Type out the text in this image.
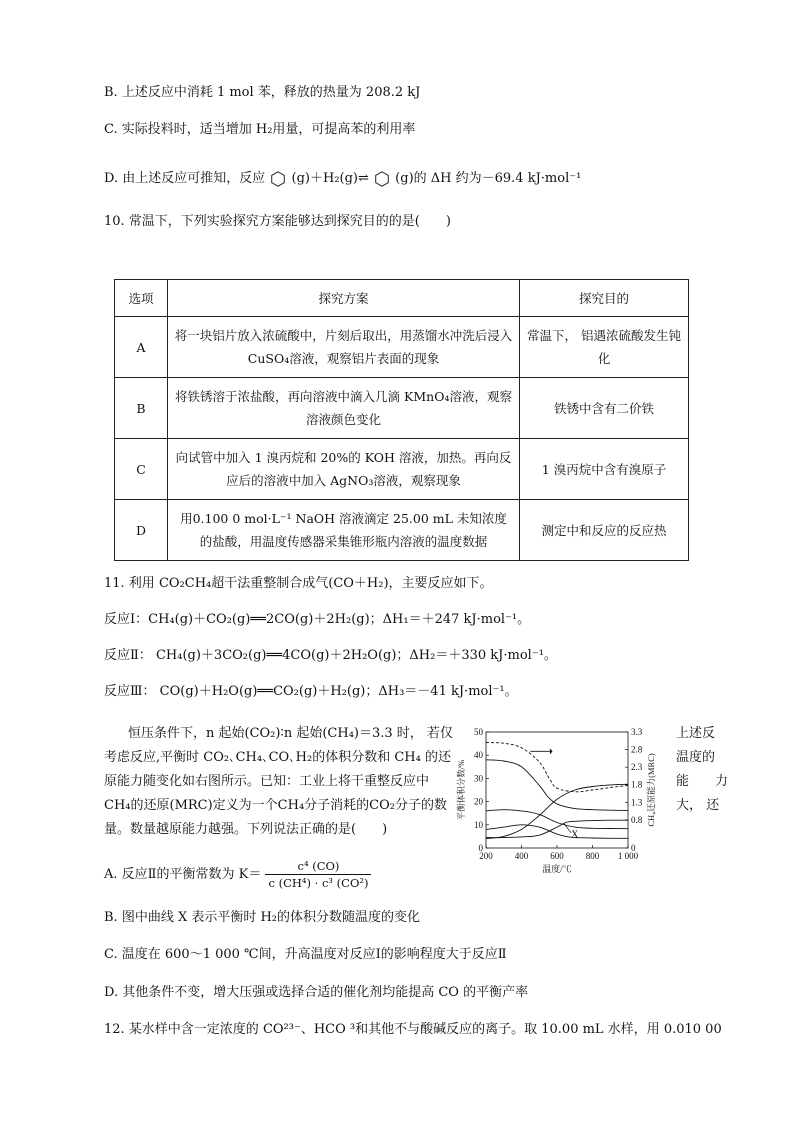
B. 上述反应中消耗 1 mol 苯，释放的热量为 208.2 kJ
C. 实际投料时，适当增加 H₂用量，可提高苯的利用率
D. 由上述反应可推知，反应 (g)＋H₂(g)⇌ (g)的 ΔH 约为－69.4 kJ·mol⁻¹
10. 常温下，下列实验探究方案能够达到探究目的的是(　　)
选项	探究方案	探究目的
A	将一块铝片放入浓硫酸中，片刻后取出，用蒸馏水冲洗后浸入 CuSO₄溶液，观察铝片表面的现象	常温下， 铝遇浓硫酸发生钝化
B	将铁锈溶于浓盐酸，再向溶液中滴入几滴 KMnO₄溶液，观察溶液颜色变化	铁锈中含有二价铁
C	向试管中加入 1 溴丙烷和 20%的 KOH 溶液，加热。再向反应后的溶液中加入 AgNO₃溶液，观察现象	1 溴丙烷中含有溴原子
D	用0.100 0 mol·L⁻¹ NaOH 溶液滴定 25.00 mL 未知浓度的盐酸，用温度传感器采集锥形瓶内溶液的温度数据	测定中和反应的反应热
11. 利用 CO₂CH₄超干法重整制合成气(CO＋H₂)，主要反应如下。
反应Ⅰ：CH₄(g)＋CO₂(g)══2CO(g)＋2H₂(g)；ΔH₁＝＋247 kJ·mol⁻¹。
反应Ⅱ： CH₄(g)＋3CO₂(g)══4CO(g)＋2H₂O(g)；ΔH₂＝＋330 kJ·mol⁻¹。
反应Ⅲ： CO(g)＋H₂O(g)══CO₂(g)＋H₂(g)；ΔH₃＝－41 kJ·mol⁻¹。
恒压条件下，n 起始(CO₂)∶n 起始(CH₄)＝3.3 时， 若仅考虑反应,平衡时 CO₂､CH₄､CO､H₂的体积分数和 CH₄ 的还原能力随变化如右图所示。已知：工业上将干重整反应中 CH₄的还原(MRC)定义为一个CH₄分子消耗的CO₂分子的数量。数量越原能力越强。下列说法正确的是(　　)
上述反
温度的
能　　力
大， 还
200 400 600 800 1 000
0
10
20
30
40
50
0
0.8
1.3
1.8
2.3
2.8
3.3
温度/℃
平衡体积分数/%	CH₄还原能力(MRC)
X
A. 反应Ⅱ的平衡常数为 $K= \frac{\text{c⁴ (CO)}}{\text{c (CH⁴) · c³ (CO²)}}$
B. 图中曲线 X 表示平衡时 H₂的体积分数随温度的变化
C. 温度在 600～1 000 ℃间，升高温度对反应Ⅰ的影响程度大于反应Ⅱ
D. 其他条件不变，增大压强或选择合适的催化剂均能提高 CO 的平衡产率
12. 某水样中含一定浓度的 CO²³⁻、HCO ³和其他不与酸碱反应的离子。取 10.00 mL 水样，用 0.010 00
